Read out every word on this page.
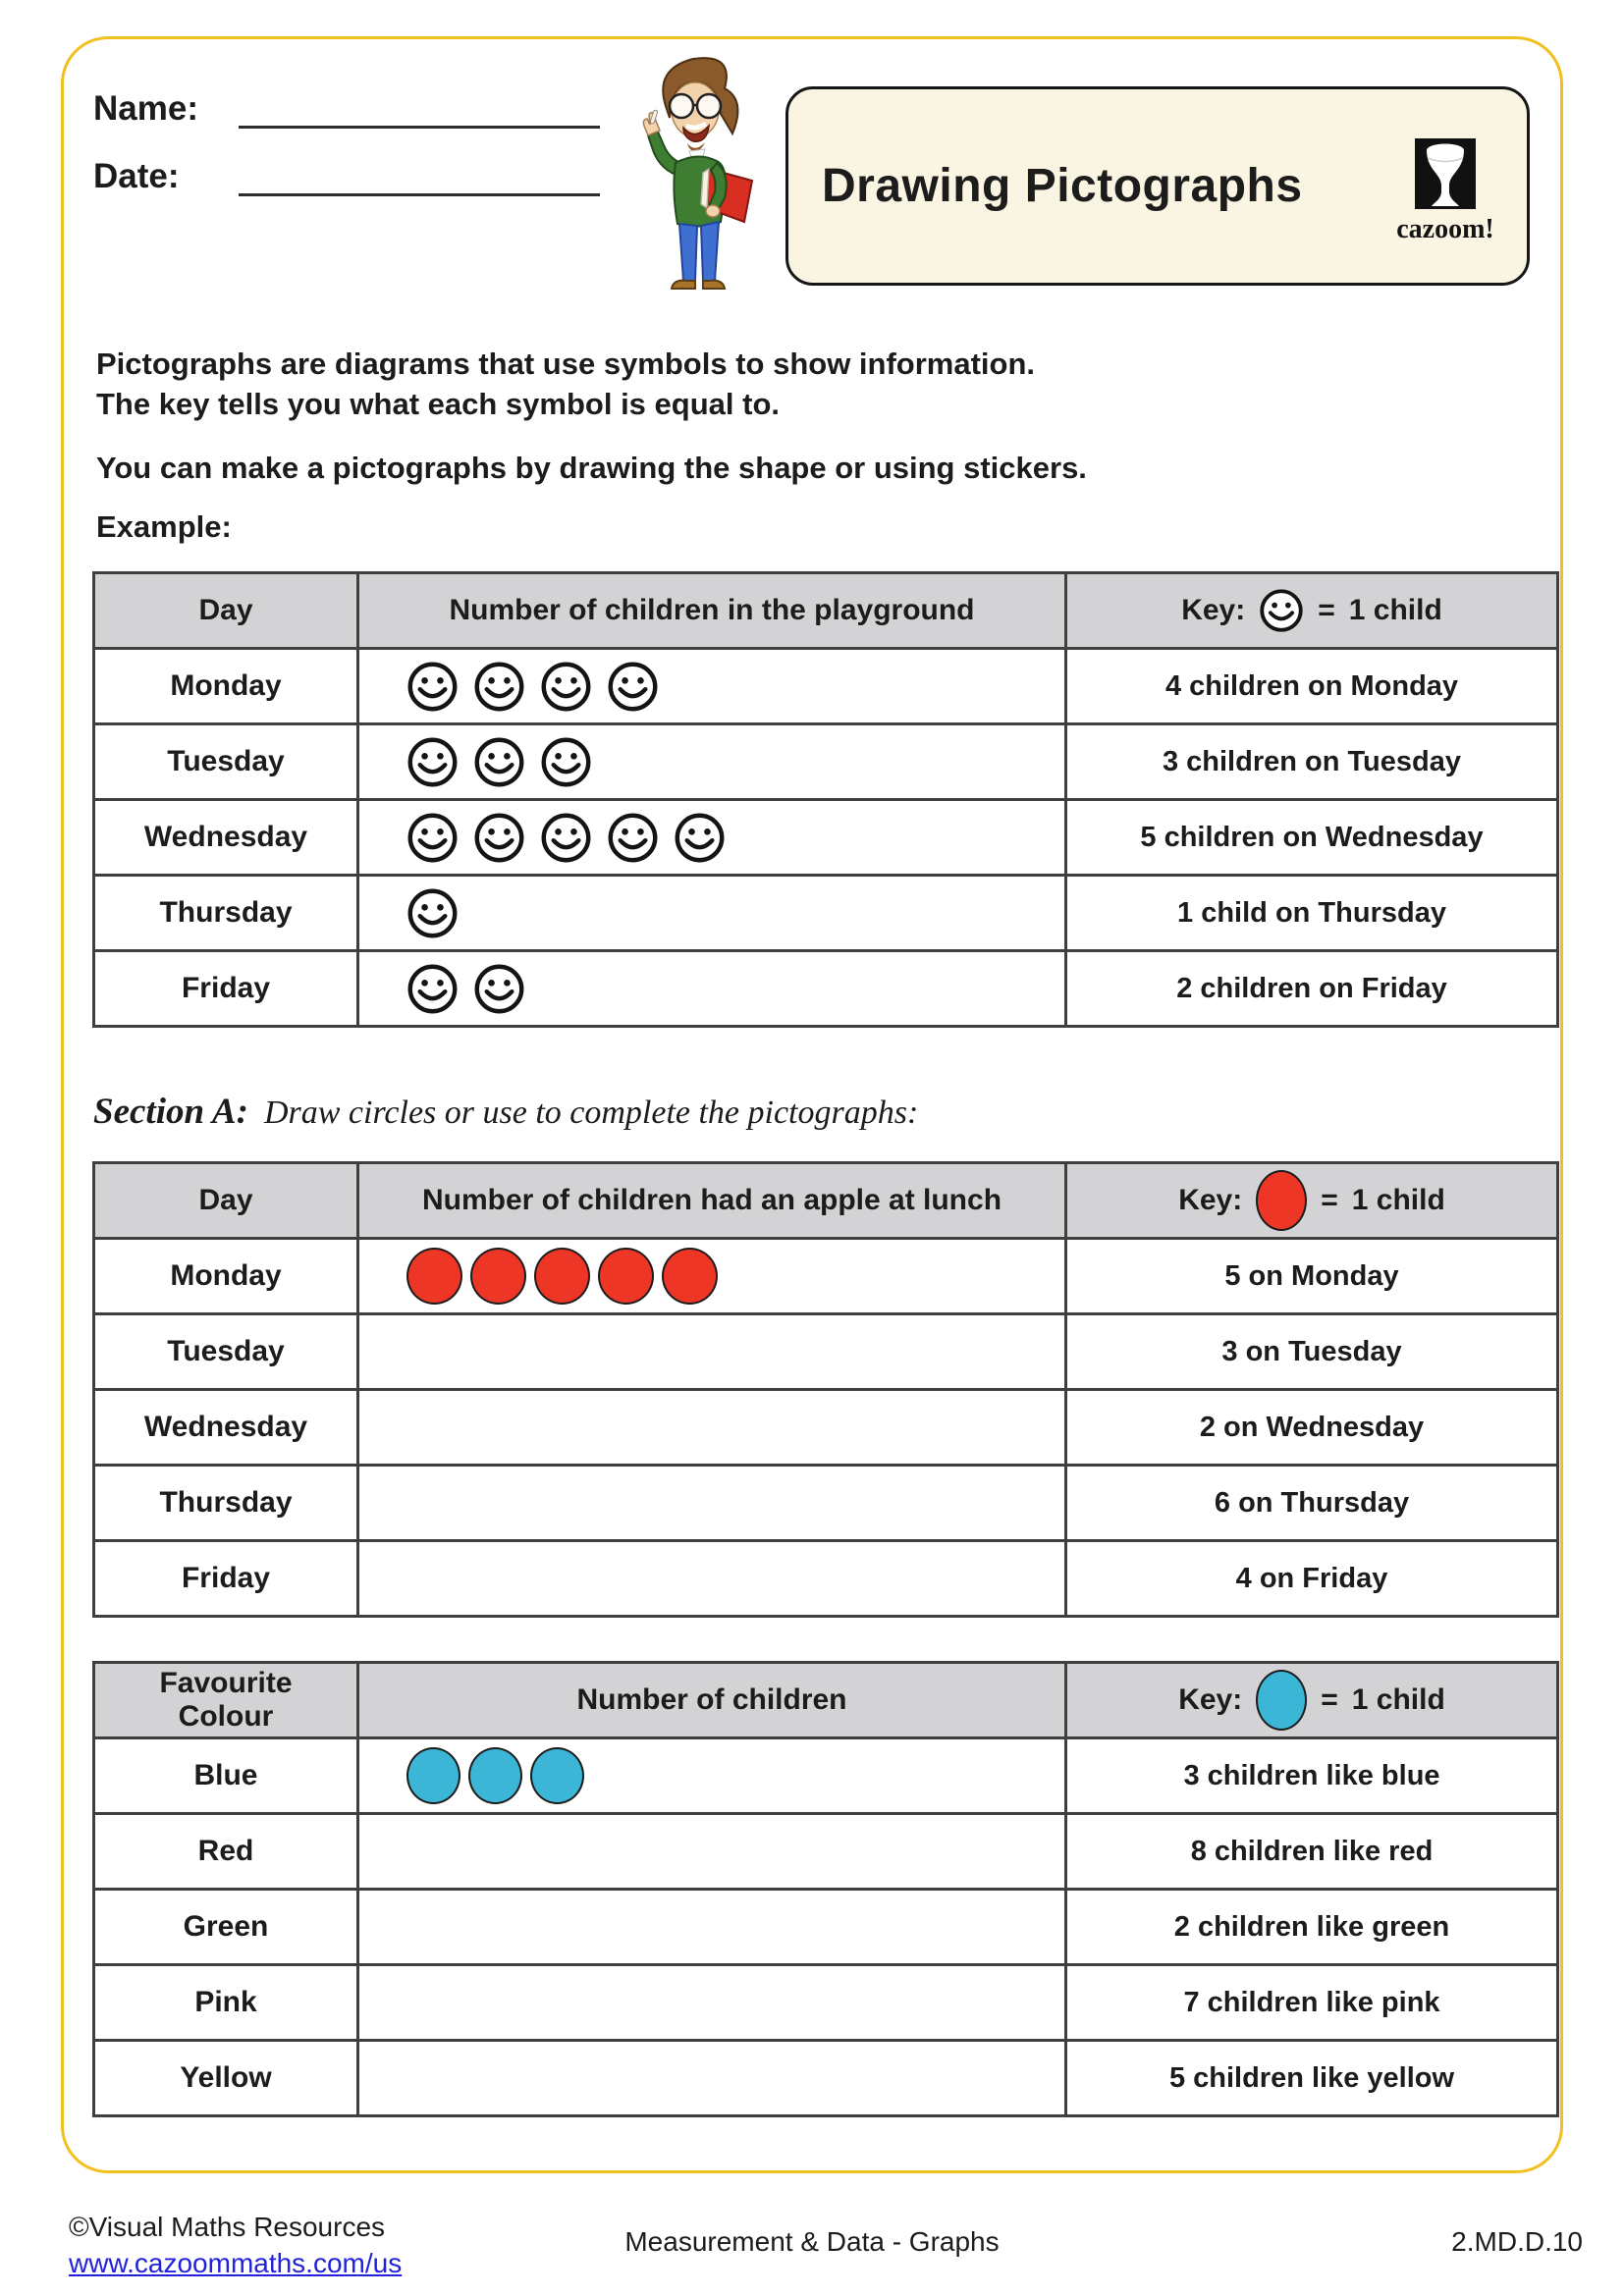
Name:
Date:	Drawing Pictographs
cazoom!
Pictographs are diagrams that use symbols to show information.
The key tells you what each symbol is equal to.
You can make a pictographs by drawing the shape or using stickers.
Example:
Day	Number of children in the playground	Key: = 1 child

Monday		4 children on Monday
Tuesday		3 children on Tuesday
Wednesday		5 children on Wednesday
Thursday		1 child on Thursday
Friday		2 children on Friday
Section A: Draw circles or use to complete the pictographs:
Day	Number of children had an apple at lunch	Key: = 1 child

Monday		5 on Monday
Tuesday		3 on Tuesday
Wednesday		2 on Wednesday
Thursday		6 on Thursday
Friday		4 on Friday
Favourite
Colour	Number of children	Key: = 1 child

Blue		3 children like blue
Red		8 children like red
Green		2 children like green
Pink		7 children like pink
Yellow		5 children like yellow
©Visual Maths Resources
www.cazoommaths.com/us
Measurement & Data - Graphs	2.MD.D.10
